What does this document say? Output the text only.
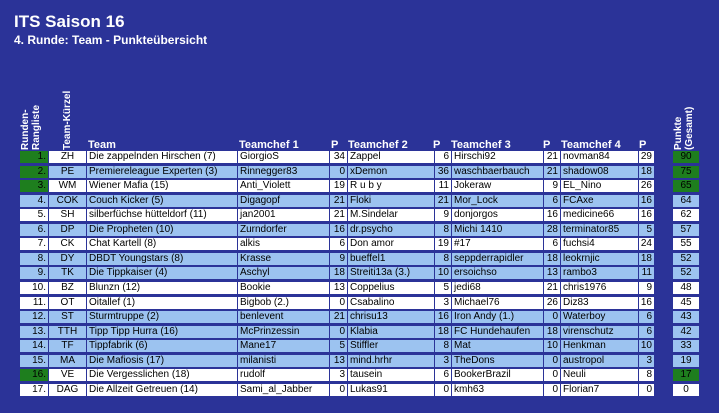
ITS Saison 16
4. Runde: Team - Punkteübersicht
Runden-
Rangliste Team-Kürzel Team	Teamchef 1	P Teamchef 2 P Teamchef 3	P Teamchef 4 P	Punkte
(Gesamt)
1.	ZH	Die zappelnden Hirschen (7)	GiorgioS	34 Zappel	6 Hirschi92	21 novman84	29	90
2.	PE	Premiereleague Experten (3)	Rinnegger83	0 xDemon	36 waschbaerbauch	21 shadow08	18	75
3.	WM	Wiener Mafia (15)	Anti_Violett	19 R u b y	11 Jokeraw	9 EL_Nino	26	65
4.	COK	Couch Kicker (5)	Digagopf	21 Floki	21 Mor_Lock	6 FCAxe	16	64
5.	SH	silberfüchse hütteldorf (11)	jan2001	21 M.Sindelar	9 donjorgos	16 medicine66	16	62
6.	DP	Die Propheten (10)	Zurndorfer	16 dr.psycho	8 Michi 1410	28 terminator85	5	57
7.	CK	Chat Kartell (8)	alkis	6 Don amor	19 #17	6 fuchsi4	24	55
8.	DY	DBDT Youngstars (8)	Krasse	9 bueffel1	8 seppderrapidler	18 leokrnjic	18	52
9.	TK	Die Tippkaiser (4)	Aschyl	18 Streiti13a (3.)	10 ersoichso	13 rambo3	11	52
10.	BZ	Blunzn (12)	Bookie	13 Coppelius	5 jedi68	21 chris1976	9	48
11.	OT	Oitallef (1)	Bigbob (2.)	0 Csabalino	3 Michael76	26 Diz83	16	45
12.	ST	Sturmtruppe (2)	benlevent	21 chrisu13	16 Iron Andy (1.)	0 Waterboy	6	43
13.	TTH	Tipp Tipp Hurra (16)	McPrinzessin	0 Klabia	18 FC Hundehaufen	18 virenschutz	6	42
14.	TF	Tippfabrik (6)	Mane17	5 Stiffler	8 Mat	10 Henkman	10	33
15.	MA	Die Mafiosis (17)	milanisti	13 mind.hrhr	3 TheDons	0 austropol	3	19
16.	VE	Die Vergesslichen (18)	rudolf	3 tausein	6 BookerBrazil	0 Neuli	8	17
17.	DAG	Die Allzeit Getreuen (14)	Sami_al_Jabber	0 Lukas91	0 kmh63	0 Florian7	0	0
